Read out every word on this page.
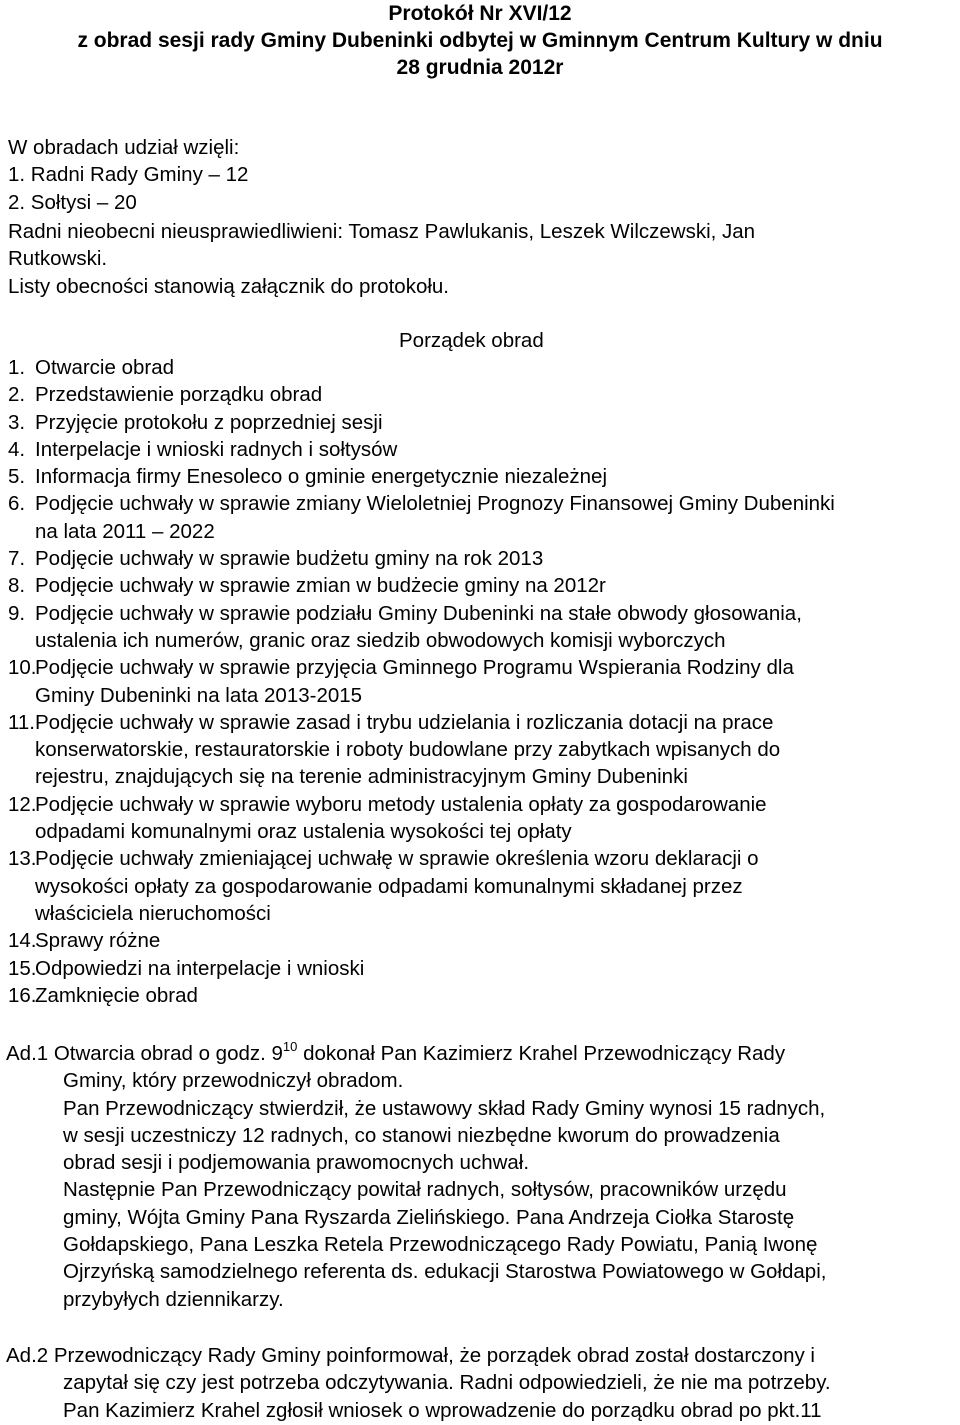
Protokół Nr XVI/12
z obrad sesji rady Gminy Dubeninki odbytej w Gminnym Centrum Kultury w dniu
28 grudnia 2012r
W obradach udział wzięli:
1. Radni Rady Gminy – 12
2. Sołtysi – 20
Radni nieobecni nieusprawiedliwieni: Tomasz Pawlukanis, Leszek Wilczewski, Jan
Rutkowski.
Listy obecności stanowią załącznik do protokołu.
Porządek obrad
1. Otwarcie obrad
2. Przedstawienie porządku obrad
3. Przyjęcie protokołu z poprzedniej sesji
4. Interpelacje i wnioski radnych i sołtysów
5. Informacja firmy Enesoleco o gminie energetycznie niezależnej
6. Podjęcie uchwały w sprawie zmiany Wieloletniej Prognozy Finansowej Gminy Dubeninki
na lata 2011 – 2022
7. Podjęcie uchwały w sprawie budżetu gminy na rok 2013
8. Podjęcie uchwały w sprawie zmian w budżecie gminy na 2012r
9. Podjęcie uchwały w sprawie podziału Gminy Dubeninki na stałe obwody głosowania,
ustalenia ich numerów, granic oraz siedzib obwodowych komisji wyborczych
10.
Podjęcie uchwały w sprawie przyjęcia Gminnego Programu Wspierania Rodziny dla
Gminy Dubeninki na lata 2013-2015
11. Podjęcie uchwały w sprawie zasad i trybu udzielania i rozliczania dotacji na prace
konserwatorskie, restauratorskie i roboty budowlane przy zabytkach wpisanych do
rejestru, znajdujących się na terenie administracyjnym Gminy Dubeninki
12.
Podjęcie uchwały w sprawie wyboru metody ustalenia opłaty za gospodarowanie
odpadami komunalnymi oraz ustalenia wysokości tej opłaty
13.
Podjęcie uchwały zmieniającej uchwałę w sprawie określenia wzoru deklaracji o
wysokości opłaty za gospodarowanie odpadami komunalnymi składanej przez
właściciela nieruchomości
14.
Sprawy różne
15.
Odpowiedzi na interpelacje i wnioski
16.
Zamknięcie obrad
Ad.1 Otwarcia obrad o godz. $9^{10}$ dokonał Pan Kazimierz Krahel Przewodniczący Rady
Gminy, który przewodniczył obradom.
Pan Przewodniczący stwierdził, że ustawowy skład Rady Gminy wynosi 15 radnych,
w sesji uczestniczy 12 radnych, co stanowi niezbędne kworum do prowadzenia
obrad sesji i podjemowania prawomocnych uchwał.
Następnie Pan Przewodniczący powitał radnych, sołtysów, pracowników urzędu
gminy, Wójta Gminy Pana Ryszarda Zielińskiego. Pana Andrzeja Ciołka Starostę
Gołdapskiego, Pana Leszka Retela Przewodniczącego Rady Powiatu, Panią Iwonę
Ojrzyńską samodzielnego referenta ds. edukacji Starostwa Powiatowego w Gołdapi,
przybyłych dziennikarzy.
Ad.2 Przewodniczący Rady Gminy poinformował, że porządek obrad został dostarczony i
zapytał się czy jest potrzeba odczytywania. Radni odpowiedzieli, że nie ma potrzeby.
Pan Kazimierz Krahel zgłosił wniosek o wprowadzenie do porządku obrad po pkt.11
